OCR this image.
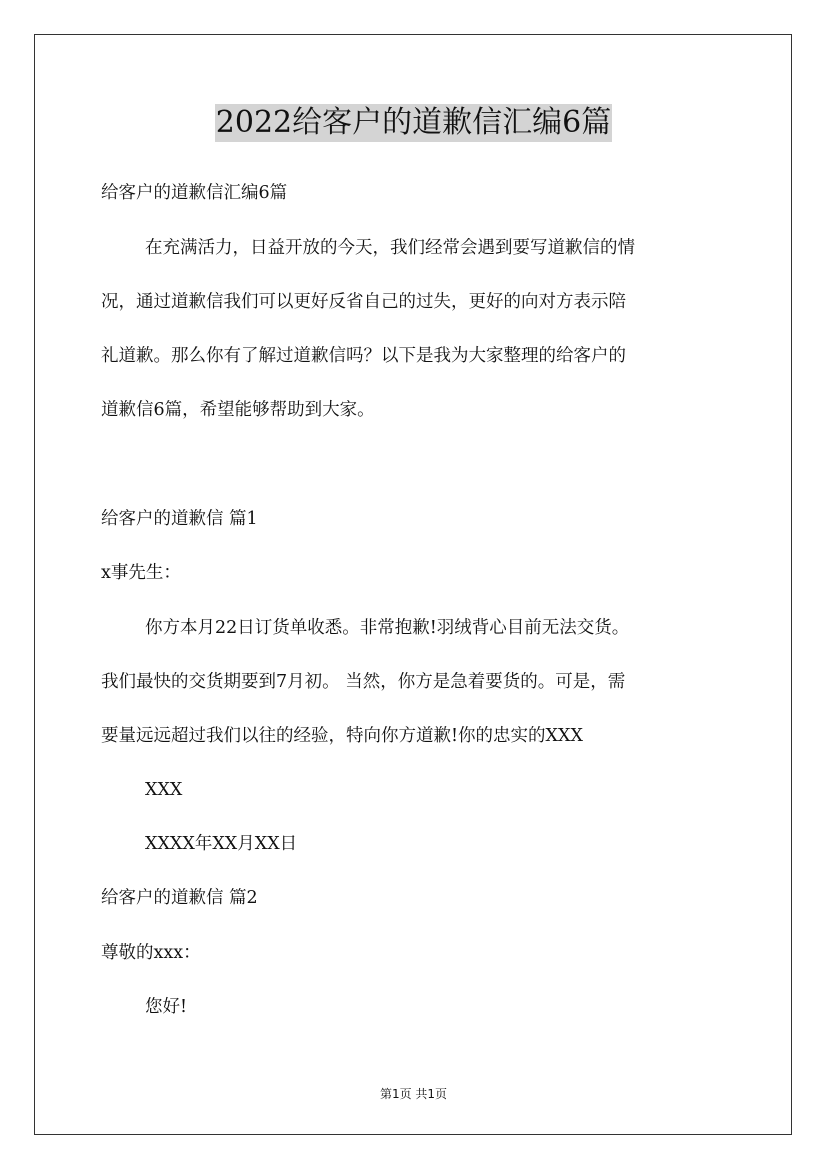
2022给客户的道歉信汇编6篇
给客户的道歉信汇编6篇
在充满活力，日益开放的今天，我们经常会遇到要写道歉信的情
况，通过道歉信我们可以更好反省自己的过失，更好的向对方表示陪
礼道歉。那么你有了解过道歉信吗？以下是我为大家整理的给客户的
道歉信6篇，希望能够帮助到大家。
给客户的道歉信 篇1
x事先生：
你方本月22日订货单收悉。非常抱歉!羽绒背心目前无法交货。
我们最快的交货期要到7月初。 当然，你方是急着要货的。可是，需
要量远远超过我们以往的经验，特向你方道歉!你的忠实的XXX
XXX
XXXX年XX月XX日
给客户的道歉信 篇2
尊敬的xxx：
您好!
第1页 共1页
